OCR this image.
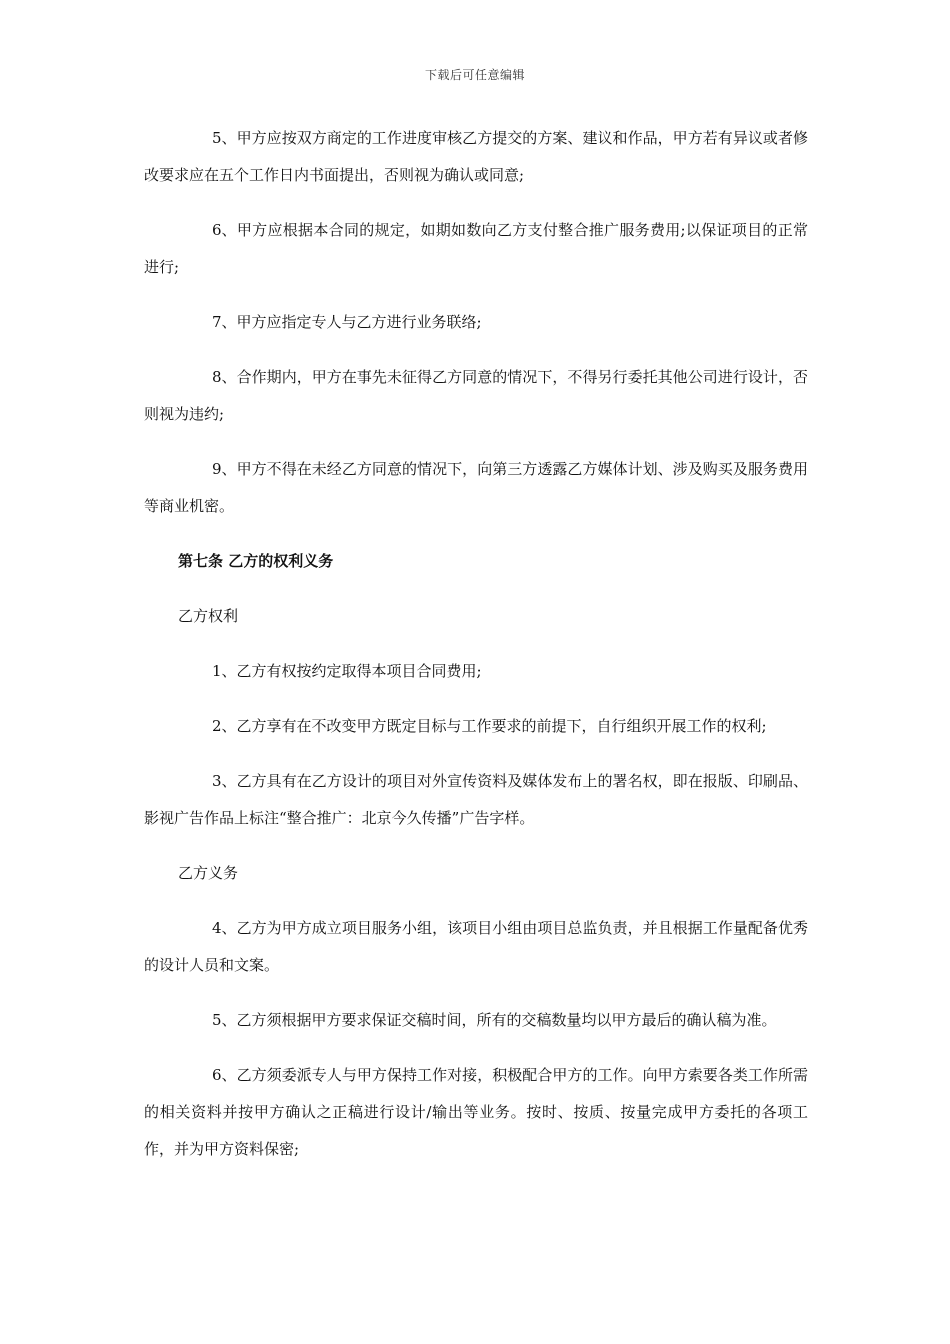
下载后可任意编辑

5、甲方应按双方商定的工作进度审核乙方提交的方案、建议和作品，甲方若有异议或者修改要求应在五个工作日内书面提出，否则视为确认或同意;

6、甲方应根据本合同的规定，如期如数向乙方支付整合推广服务费用;以保证项目的正常进行;

7、甲方应指定专人与乙方进行业务联络;

8、合作期内，甲方在事先未征得乙方同意的情况下，不得另行委托其他公司进行设计，否则视为违约;

9、甲方不得在未经乙方同意的情况下，向第三方透露乙方媒体计划、涉及购买及服务费用等商业机密。

第七条 乙方的权利义务

乙方权利

1、乙方有权按约定取得本项目合同费用;

2、乙方享有在不改变甲方既定目标与工作要求的前提下，自行组织开展工作的权利;

3、乙方具有在乙方设计的项目对外宣传资料及媒体发布上的署名权，即在报版、印刷品、影视广告作品上标注“整合推广：北京今久传播”广告字样。

乙方义务

4、乙方为甲方成立项目服务小组，该项目小组由项目总监负责，并且根据工作量配备优秀的设计人员和文案。

5、乙方须根据甲方要求保证交稿时间，所有的交稿数量均以甲方最后的确认稿为准。

6、乙方须委派专人与甲方保持工作对接，积极配合甲方的工作。向甲方索要各类工作所需的相关资料并按甲方确认之正稿进行设计/输出等业务。按时、按质、按量完成甲方委托的各项工作，并为甲方资料保密;
